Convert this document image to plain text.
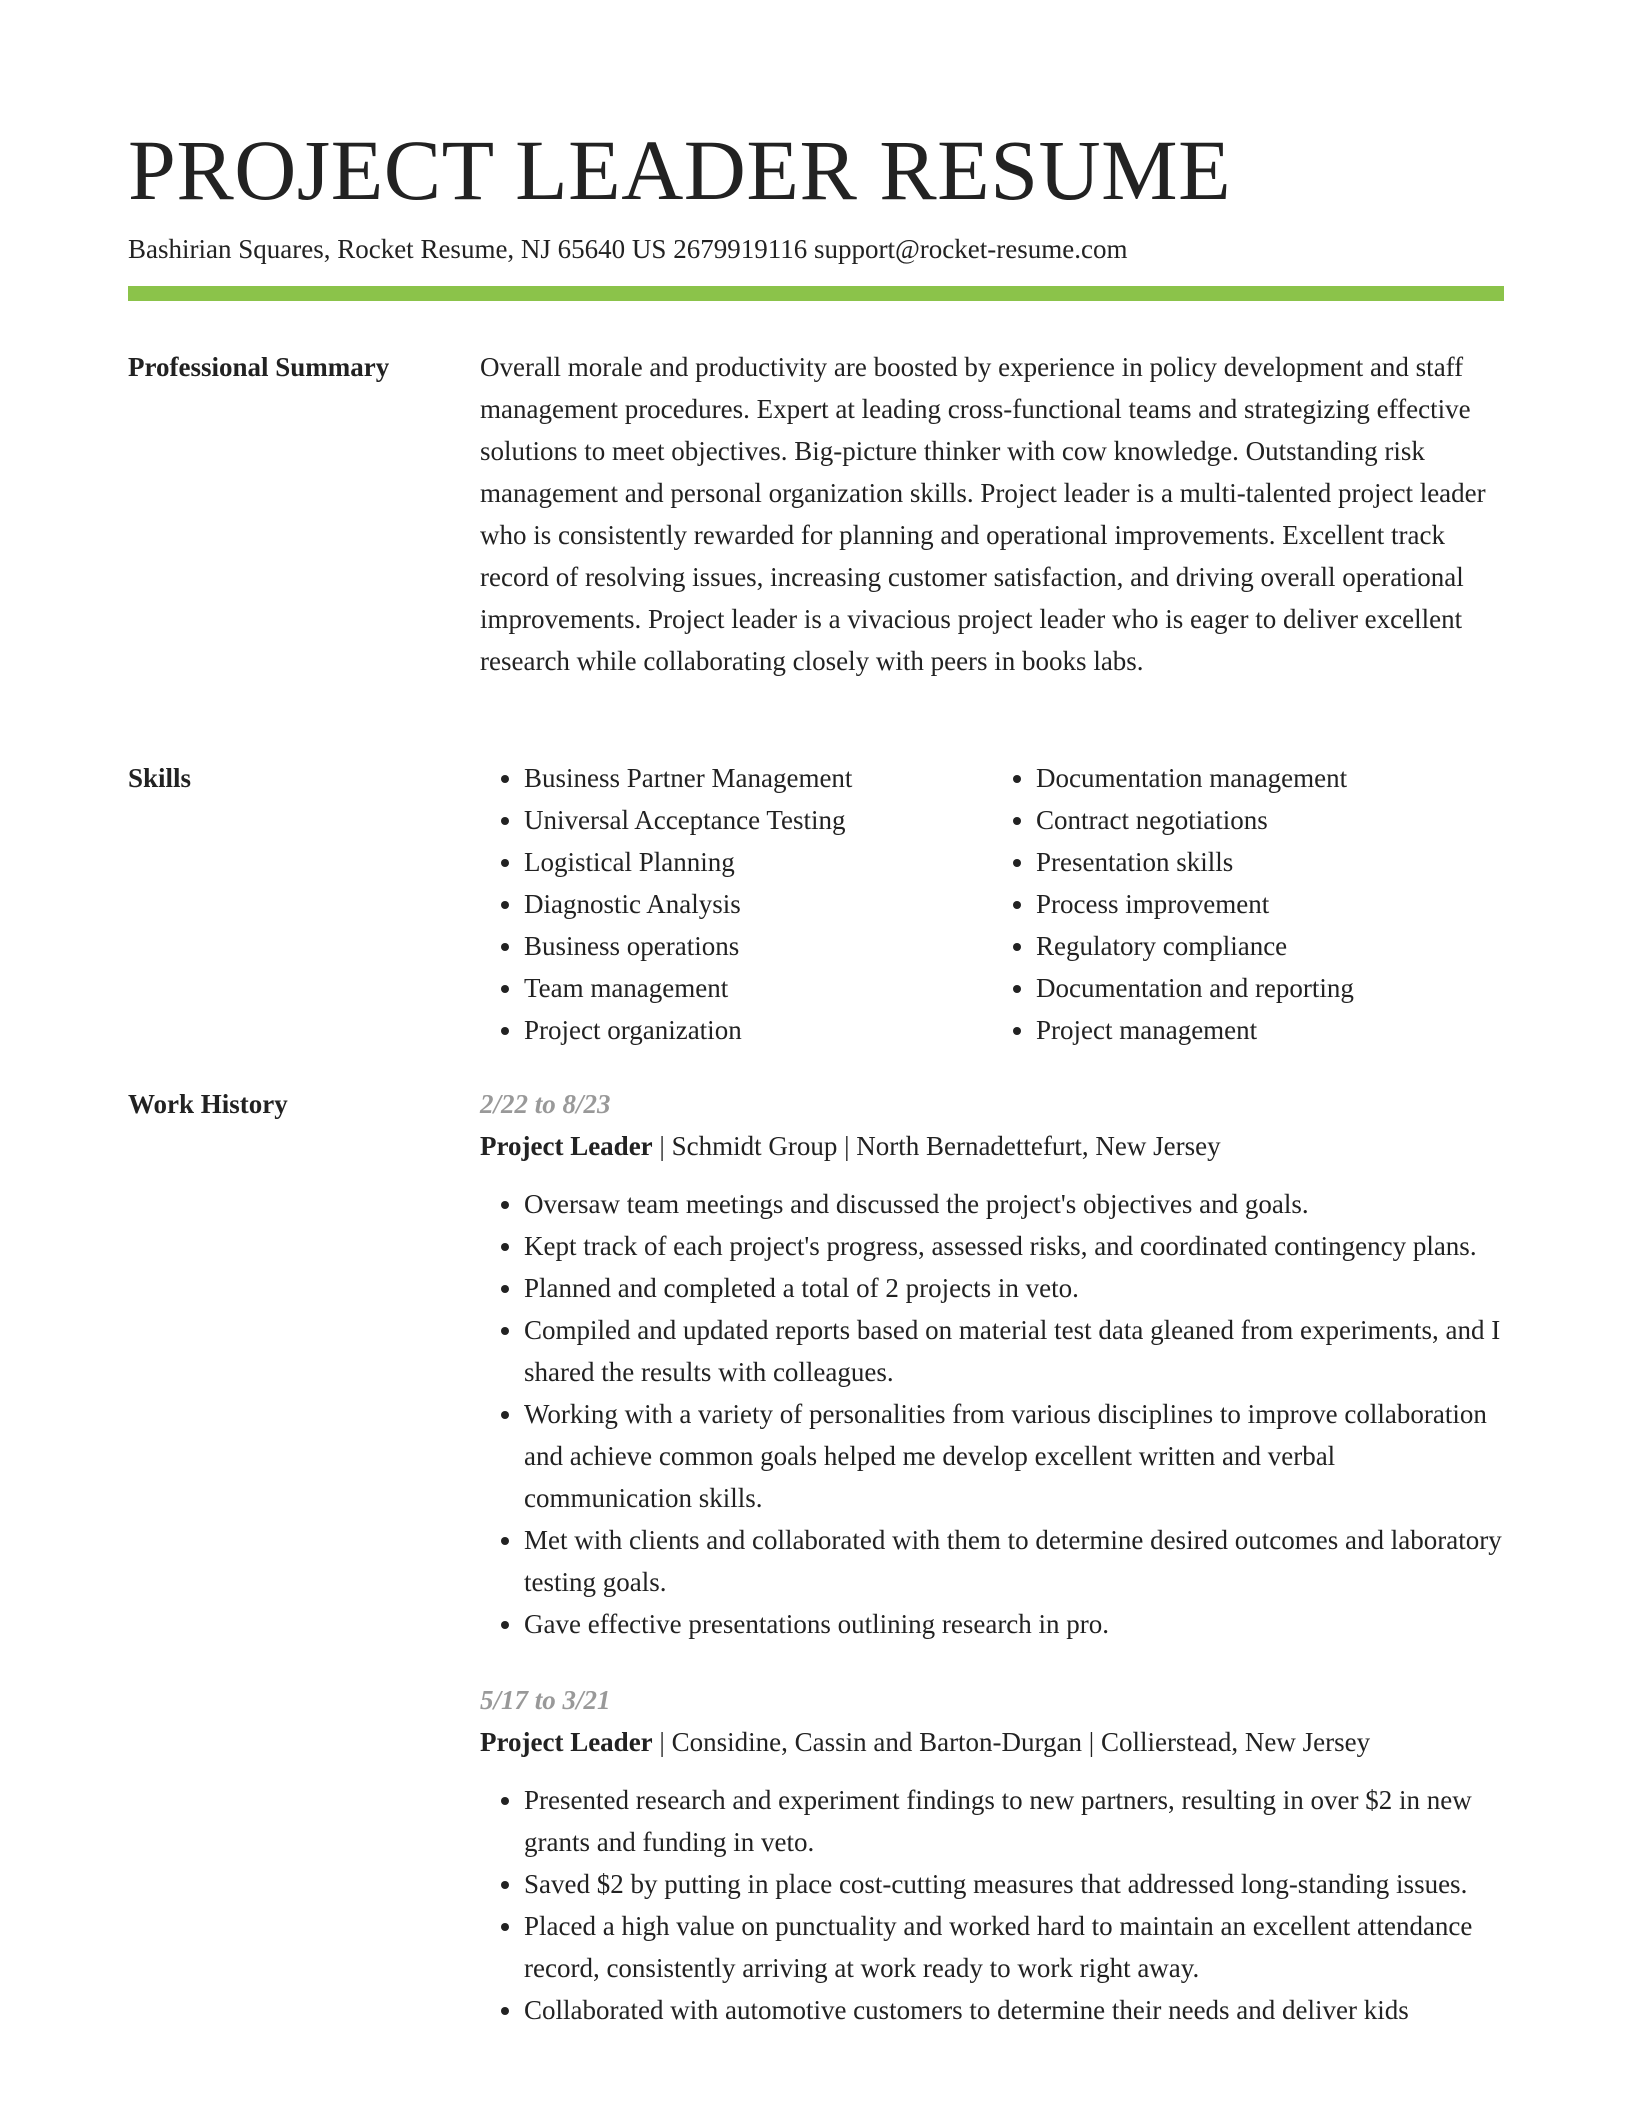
PROJECT LEADER RESUME
Bashirian Squares, Rocket Resume, NJ 65640 US 2679919116 support@rocket-resume.com
Professional Summary	Overall morale and productivity are boosted by experience in policy development and staff management procedures. Expert at leading cross-functional teams and strategizing effective solutions to meet objectives. Big-picture thinker with cow knowledge. Outstanding risk management and personal organization skills. Project leader is a multi-talented project leader who is consistently rewarded for planning and operational improvements. Excellent track record of resolving issues, increasing customer satisfaction, and driving overall operational improvements. Project leader is a vivacious project leader who is eager to deliver excellent research while collaborating closely with peers in books labs.

Skills
•	Business Partner Management
• Universal Acceptance Testing
• Logistical Planning
• Diagnostic Analysis
• Business operations
• Team management
• Project organization
• Documentation management
• Contract negotiations
• Presentation skills
• Process improvement
• Regulatory compliance
• Documentation and reporting
• Project management
Work History	2/22 to 8/23
Project Leader | Schmidt Group | North Bernadettefurt, New Jersey
• Oversaw team meetings and discussed the project's objectives and goals.
• Kept track of each project's progress, assessed risks, and coordinated contingency plans.
• Planned and completed a total of 2 projects in veto.
• Compiled and updated reports based on material test data gleaned from experiments, and I shared the results with colleagues.
• Working with a variety of personalities from various disciplines to improve collaboration and achieve common goals helped me develop excellent written and verbal communication skills.
• Met with clients and collaborated with them to determine desired outcomes and laboratory testing goals.
• Gave effective presentations outlining research in pro.
5/17 to 3/21
Project Leader | Considine, Cassin and Barton-Durgan | Collierstead, New Jersey
• Presented research and experiment findings to new partners, resulting in over $2 in new grants and funding in veto.
• Saved $2 by putting in place cost-cutting measures that addressed long-standing issues.
• Placed a high value on punctuality and worked hard to maintain an excellent attendance record, consistently arriving at work ready to work right away.
• Collaborated with automotive customers to determine their needs and deliver kids
